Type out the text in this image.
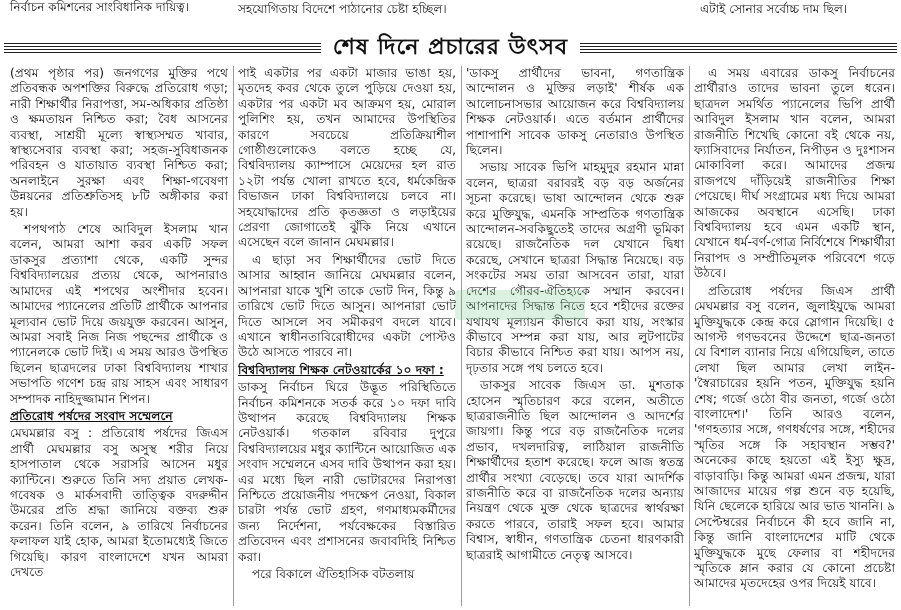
নির্বাচন কমিশনের সাংবিধানিক দায়িত্ব।	সহযোগিতায় বিদেশে পাঠানোর চেষ্টা হচ্ছিল।	এটাই সোনার সর্বোচ্চ দাম ছিল।
শেষ দিনে প্রচারের উৎসব

(প্রথম পৃষ্ঠার পর) জনগণের মুক্তির পথে প্রতিবন্ধক অপশক্তির বিরুদ্ধে প্রতিরোধ গড়া; নারী শিক্ষার্থীর নিরাপত্তা, সম-অধিকার প্রতিষ্ঠা ও ক্ষমতায়ন নিশ্চিত করা; বৈধ আসনের ব্যবস্থা, সাশ্রয়ী মূল্যে স্বাস্থ্যসম্মত খাবার, স্বাস্থ্যসেবার ব্যবস্থা করা; সহজ-সুবিধাজনক পরিবহন ও যাতায়াত ব্যবস্থা নিশ্চিত করা; অনলাইনে সুরক্ষা এবং শিক্ষা-গবেষণা উন্নয়নের প্রতিশ্রুতিসহ ৮টি অঙ্গীকার করা হয়।

শপথপাঠ শেষে আবিদুল ইসলাম খান বলেন, আমরা আশা করব একটি সফল ডাকসুর প্রত্যাশা থেকে, একটি সুন্দর বিশ্ববিদ্যালয়ের প্রত্যয় থেকে, আপনারাও আমাদের এই শপথের অংশীদার হবেন। আমাদের প্যানেলের প্রতিটি প্রার্থীকে আপনার মূল্যবান ভোট দিয়ে জয়যুক্ত করবেন। আসুন, আমরা সবাই নিজ নিজ পছন্দের প্রার্থীকে ও প্যানেলকে ভোট দিই। এ সময় আরও উপস্থিত ছিলেন ছাত্রদলের ঢাকা বিশ্ববিদ্যালয় শাখার সভাপতি গণেশ চন্দ্র রায় সাহস এবং সাধারণ সম্পাদক নাহিদুজ্জামান শিপন।

প্রতিরোধ পর্ষদের সংবাদ সম্মেলনে

মেঘমল্লার বসু : প্রতিরোধ পর্ষদের জিএস প্রার্থী মেঘমল্লার বসু অসুস্থ শরীর নিয়ে হাসপাতাল থেকে সরাসরি আসেন মধুর ক্যান্টিনে। শুরুতে তিনি সদ্য প্রয়াত লেখক-গবেষক ও মার্কসবাদী তাত্ত্বিক বদরুদ্দীন উমরের প্রতি শ্রদ্ধা জানিয়ে বক্তব্য শুরু করেন। তিনি বলেন, ৯ তারিখে নির্বাচনের ফলাফল যাই হোক, আমরা ইতোমধ্যেই জিতে গিয়েছি। কারণ বাংলাদেশে যখন আমরা দেখতে

পাই একটার পর একটা মাজার ভাঙা হয়, মৃতদেহ কবর থেকে তুলে পুড়িয়ে দেওয়া হয়, একটার পর একটা মব আক্রমণ হয়, মোরাল পুলিশিং হয়, তখন আমাদের উপস্থিতির কারণে সবচেয়ে প্রতিক্রিয়াশীল গোষ্ঠীগুলোকেও বলতে হচ্ছে যে, বিশ্ববিদ্যালয় ক্যাম্পাসে মেয়েদের হল রাত ১২টা পর্যন্ত খোলা রাখতে হবে, ধর্মকেন্দ্রিক বিভাজন ঢাকা বিশ্ববিদ্যালয়ে চলবে না। সহযোদ্ধাদের প্রতি কৃতজ্ঞতা ও লড়াইয়ের প্রেরণা জোগাতেই ঝুঁকি নিয়ে এখানে এসেছেন বলে জানান মেঘমল্লার।

এ ছাড়া সব শিক্ষার্থীদের ভোট দিতে আসার আহ্বান জানিয়ে মেঘমল্লার বলেন, আপনারা যাকে খুশি তাকে ভোট দিন, কিন্তু ৯ তারিখে ভোট দিতে আসুন। আপনারা ভোট দিতে আসলে সব সমীকরণ বদলে যাবে। এখানে স্বাধীনতাবিরোধীদের একটা পোস্টও উঠে আসতে পারবে না।

বিশ্ববিদ্যালয় শিক্ষক নেটওয়ার্কের ১০ দফা :

ডাকসু নির্বাচন ঘিরে উদ্ভূত পরিস্থিতিতে নির্বাচন কমিশনকে সতর্ক করে ১০ দফা দাবি উত্থাপন করেছে বিশ্ববিদ্যালয় শিক্ষক নেটওয়ার্ক। গতকাল রবিবার দুপুরে বিশ্ববিদ্যালয়ের মধুর ক্যান্টিনে আয়োজিত এক সংবাদ সম্মেলনে এসব দাবি উত্থাপন করা হয়। এর মধ্যে ছিল নারী ভোটারদের নিরাপত্তা নিশ্চিতে প্রয়োজনীয় পদক্ষেপ নেওয়া, বিকাল চারটা পর্যন্ত ভোট গ্রহণ, গণমাধ্যমকর্মীদের জন্য নির্দেশনা, পর্যবেক্ষকের বিস্তারিত প্রতিবেদন এবং প্রশাসনের জবাবদিহি নিশ্চিত করা।

পরে বিকালে ঐতিহাসিক বটতলায়

'ডাকসু প্রার্থীদের ভাবনা, গণতান্ত্রিক আন্দোলন ও মুক্তির লড়াই' শীর্ষক এক আলোচনাসভার আয়োজন করে বিশ্ববিদ্যালয় শিক্ষক নেটওয়ার্ক। এতে বর্তমান প্রার্থীদের পাশাপাশি সাবেক ডাকসু নেতারাও উপস্থিত ছিলেন।

সভায় সাবেক ভিপি মাহমুদুর রহমান মান্না বলেন, ছাত্ররা বরাবরই বড় বড় অর্জনের সূচনা করেছে। ভাষা আন্দোলন থেকে শুরু করে মুক্তিযুদ্ধ, এমনকি সাম্প্রতিক গণতান্ত্রিক আন্দোলন-সবকিছুতেই তাদের অগ্রণী ভূমিকা রয়েছে। রাজনৈতিক দল যেখানে দ্বিধা করেছে, সেখানে ছাত্ররা সিদ্ধান্ত নিয়েছে। বড় সংকটের সময় তারা আসবেন তারা, যারা দেশের গৌরব-ঐতিহ্যকে সম্মান করবেন। আপনাদের সিদ্ধান্ত নিতে হবে শহীদের রক্তের যথাযথ মূল্যায়ন কীভাবে করা যায়, সংস্কার কীভাবে সম্পন্ন করা যায়, আর লুটপাটের বিচার কীভাবে নিশ্চিত করা যায়। আপস নয়, দৃঢ়তার সঙ্গে পথ চলতে হবে।

ডাকসুর সাবেক জিএস ডা. মুশতাক হোসেন স্মৃতিচারণ করে বলেন, অতীতে ছাত্ররাজনীতি ছিল আন্দোলন ও আদর্শের জায়গা। কিন্তু পরে বড় রাজনৈতিক দলের প্রভাব, দখলদারিত্ব, লাঠিয়াল রাজনীতি শিক্ষার্থীদের হতাশ করেছে। ফলে আজ স্বতন্ত্র প্রার্থীর সংখ্যা বেড়েছে। তবে যারা আদর্শিক রাজনীতি করে বা রাজনৈতিক দলের অন্যায় নিয়ন্ত্রণ থেকে মুক্ত থেকে ছাত্রদের স্বার্থরক্ষা করতে পারবে, তারাই সফল হবে। আমার বিশ্বাস, স্বাধীন, গণতান্ত্রিক চেতনা ধারণকারী ছাত্ররাই আগামীতে নেতৃত্ব আসবে।

এ সময় এবারের ডাকসু নির্বাচনের প্রার্থীরাও তাদের ভাবনা তুলে ধরেন। ছাত্রদল সমর্থিত প্যানেলের ভিপি প্রার্থী আবিদুল ইসলাম খান বলেন, আমরা রাজনীতি শিখেছি কোনো বই থেকে নয়, ফ্যাসিবাদের নির্যাতন, নিপীড়ন ও দুঃশাসন মোকাবিলা করে। আমাদের প্রজন্ম রাজপথে দাঁড়িয়েই রাজনীতির শিক্ষা পেয়েছে। দীর্ঘ সংগ্রামের মধ্য দিয়ে আমরা আজকের অবস্থানে এসেছি। ঢাকা বিশ্ববিদ্যালয় হবে এমন একটি স্থান, যেখানে ধর্ম-বর্ণ-গোত্র নির্বিশেষে শিক্ষার্থীরা নিরাপদ ও সম্প্রীতিমূলক পরিবেশে গড়ে উঠবে।

প্রতিরোধ পর্ষদের জিএস প্রার্থী মেঘমল্লার বসু বলেন, জুলাইযুদ্ধে আমরা মুক্তিযুদ্ধকে কেন্দ্র করে স্লোগান দিয়েছি। ৫ আগস্ট গণভবনের উদ্দেশে ছাত্র-জনতা যে বিশাল ব্যানার নিয়ে এগিয়েছিল, তাতে লেখা ছিল আমার লেখা লাইন- 'স্বৈরাচারের হয়নি পতন, মুক্তিযুদ্ধ হয়নি শেষ; গর্জে ওঠো বীর জনতা, গর্জে ওঠো বাংলাদেশ।' তিনি আরও বলেন, 'গণহত্যার সঙ্গে, গণধর্ষণের সঙ্গে, শহীদের স্মৃতির সঙ্গে কি সহাবস্থান সম্ভব?' অনেকের কাছে হয়তো এই ইস্যু ক্ষুদ্র, বাড়াবাড়ি। কিন্তু আমরা এমন প্রজন্ম, যারা আজাদের মায়ের গল্প শুনে বড় হয়েছি, যিনি ছেলেকে হারিয়ে আর ভাত খাননি। ৯ সেপ্টেম্বরের নির্বাচনে কী হবে জানি না, কিন্তু জানি বাংলাদেশের মাটি থেকে মুক্তিযুদ্ধকে মুছে ফেলার বা শহীদদের স্মৃতিকে ম্লান করার যে কোনো প্রচেষ্টা আমাদের মৃতদেহের ওপর দিয়েই যাবে।
